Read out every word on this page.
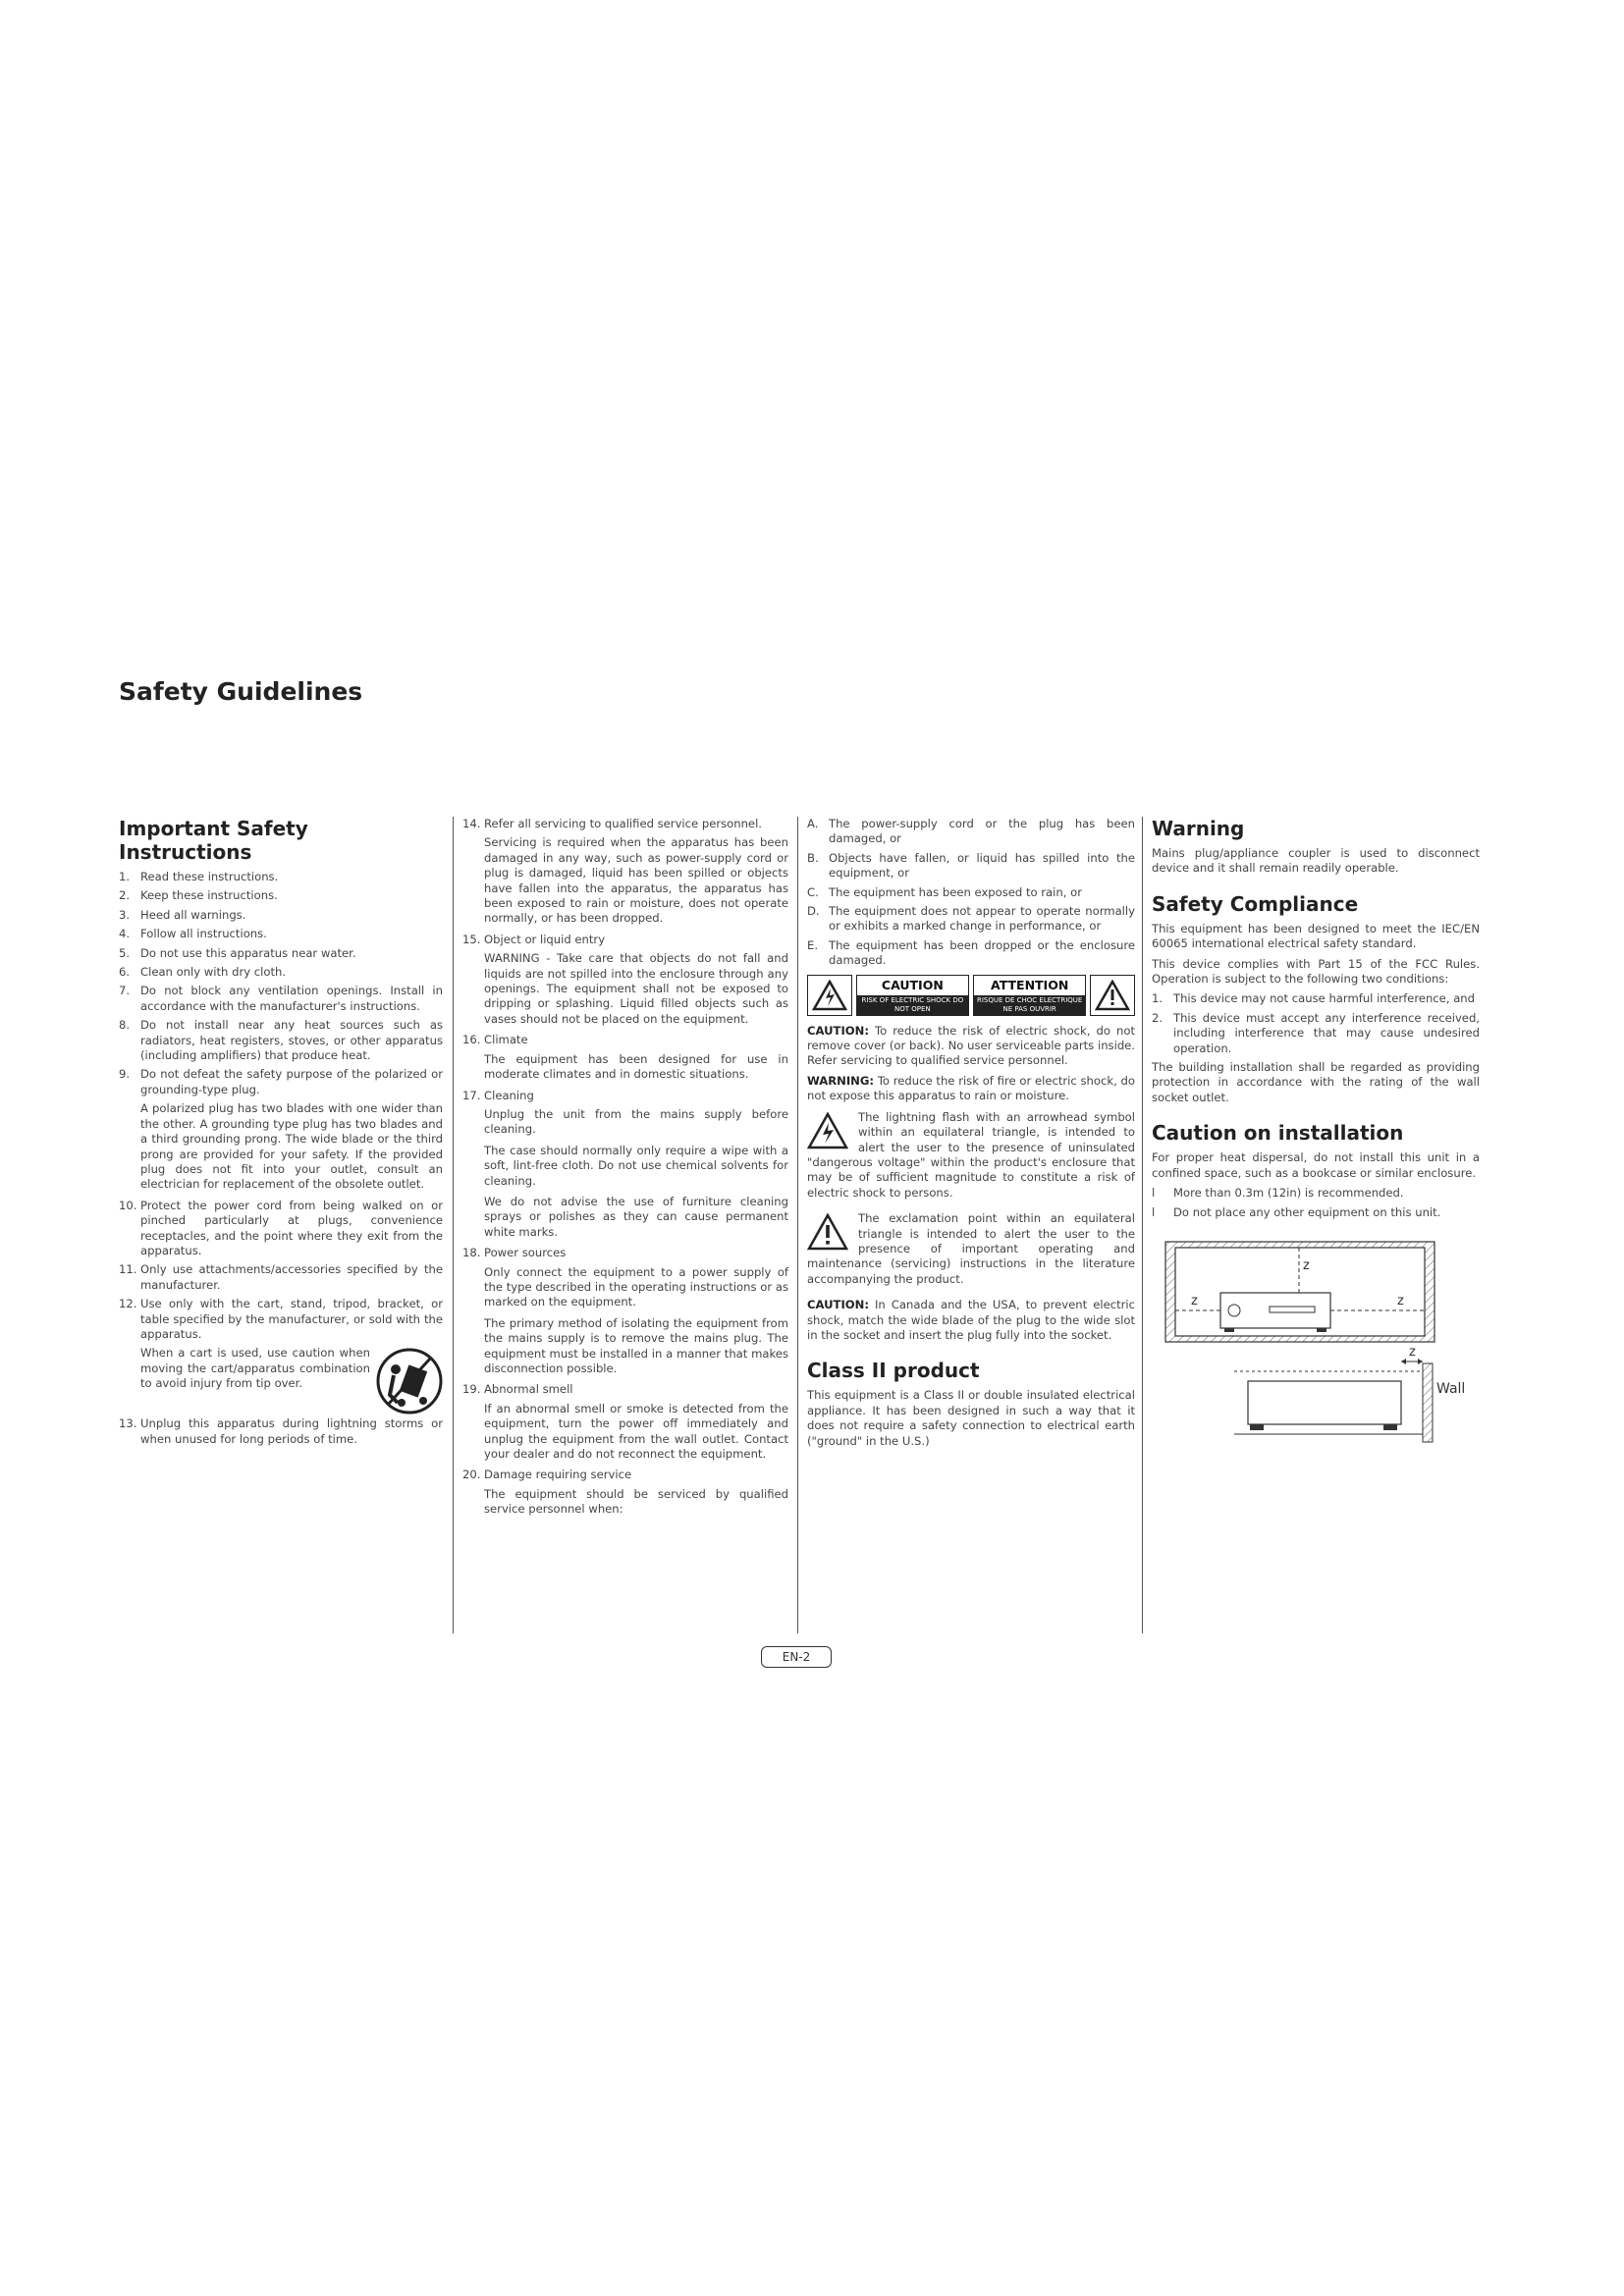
Safety Guidelines
Important Safety Instructions
1. Read these instructions.
2. Keep these instructions.
3. Heed all warnings.
4. Follow all instructions.
5. Do not use this apparatus near water.
6. Clean only with dry cloth.
7. Do not block any ventilation openings. Install in accordance with the manufacturer's instructions.
8. Do not install near any heat sources such as radiators, heat registers, stoves, or other apparatus (including amplifiers) that produce heat.
9. Do not defeat the safety purpose of the polarized or grounding-type plug.

A polarized plug has two blades with one wider than the other. A grounding type plug has two blades and a third grounding prong. The wide blade or the third prong are provided for your safety. If the provided plug does not fit into your outlet, consult an electrician for replacement of the obsolete outlet.

10. Protect the power cord from being walked on or pinched particularly at plugs, convenience receptacles, and the point where they exit from the apparatus.
11. Only use attachments/accessories specified by the manufacturer.
12. Use only with the cart, stand, tripod, bracket, or table specified by the manufacturer, or sold with the apparatus.

When a cart is used, use caution when moving the cart/apparatus combination to avoid injury from tip over.

13. Unplug this apparatus during lightning storms or when unused for long periods of time.
14. Refer all servicing to qualified service personnel.

Servicing is required when the apparatus has been damaged in any way, such as power-supply cord or plug is damaged, liquid has been spilled or objects have fallen into the apparatus, the apparatus has been exposed to rain or moisture, does not operate normally, or has been dropped.

15. Object or liquid entry

WARNING - Take care that objects do not fall and liquids are not spilled into the enclosure through any openings. The equipment shall not be exposed to dripping or splashing. Liquid filled objects such as vases should not be placed on the equipment.

16. Climate

The equipment has been designed for use in moderate climates and in domestic situations.

17. Cleaning

Unplug the unit from the mains supply before cleaning.

The case should normally only require a wipe with a soft, lint-free cloth. Do not use chemical solvents for cleaning.

We do not advise the use of furniture cleaning sprays or polishes as they can cause permanent white marks.

18. Power sources

Only connect the equipment to a power supply of the type described in the operating instructions or as marked on the equipment.

The primary method of isolating the equipment from the mains supply is to remove the mains plug. The equipment must be installed in a manner that makes disconnection possible.

19. Abnormal smell

If an abnormal smell or smoke is detected from the equipment, turn the power off immediately and unplug the equipment from the wall outlet. Contact your dealer and do not reconnect the equipment.

20. Damage requiring service

The equipment should be serviced by qualified service personnel when:

A. The power-supply cord or the plug has been damaged, or
B. Objects have fallen, or liquid has spilled into the equipment, or
C. The equipment has been exposed to rain, or
D. The equipment does not appear to operate normally or exhibits a marked change in performance, or
E. The equipment has been dropped or the enclosure damaged.
CAUTION
RISK OF ELECTRIC SHOCK DO NOT OPEN
ATTENTION
RISQUE DE CHOC ELECTRIQUE NE PAS OUVRIR

CAUTION: To reduce the risk of electric shock, do not remove cover (or back). No user serviceable parts inside. Refer servicing to qualified service personnel.

WARNING: To reduce the risk of fire or electric shock, do not expose this apparatus to rain or moisture.

The lightning flash with an arrowhead symbol within an equilateral triangle, is intended to alert the user to the presence of uninsulated "dangerous voltage" within the product's enclosure that may be of sufficient magnitude to constitute a risk of electric shock to persons.

The exclamation point within an equilateral triangle is intended to alert the user to the presence of important operating and maintenance (servicing) instructions in the literature accompanying the product.

CAUTION: In Canada and the USA, to prevent electric shock, match the wide blade of the plug to the wide slot in the socket and insert the plug fully into the socket.

Class II product

This equipment is a Class II or double insulated electrical appliance. It has been designed in such a way that it does not require a safety connection to electrical earth ("ground" in the U.S.)

Warning

Mains plug/appliance coupler is used to disconnect device and it shall remain readily operable.

Safety Compliance

This equipment has been designed to meet the IEC/EN 60065 international electrical safety standard.

This device complies with Part 15 of the FCC Rules. Operation is subject to the following two conditions:

1. This device may not cause harmful interference, and
2. This device must accept any interference received, including interference that may cause undesired operation.

The building installation shall be regarded as providing protection in accordance with the rating of the wall socket outlet.

Caution on installation

For proper heat dispersal, do not install this unit in a confined space, such as a bookcase or similar enclosure.

l More than 0.3m (12in) is recommended.
l Do not place any other equipment on this unit.
z
z	z
z
Wall
EN-2
